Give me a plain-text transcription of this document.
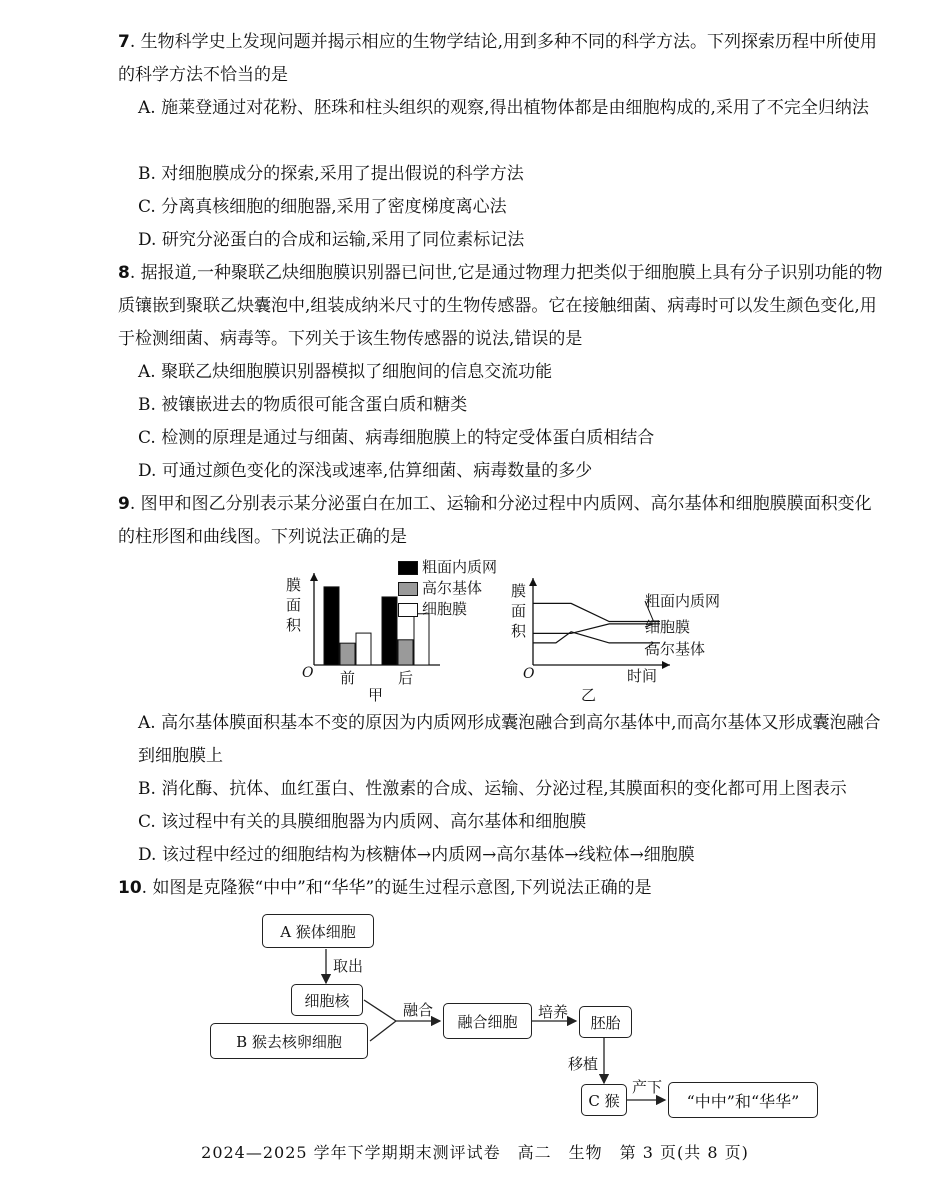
7. 生物科学史上发现问题并揭示相应的生物学结论,用到多种不同的科学方法。下列探索历程中所使用的科学方法不恰当的是
A. 施莱登通过对花粉、胚珠和柱头组织的观察,得出植物体都是由细胞构成的,采用了不完全归纳法
B. 对细胞膜成分的探索,采用了提出假说的科学方法
C. 分离真核细胞的细胞器,采用了密度梯度离心法
D. 研究分泌蛋白的合成和运输,采用了同位素标记法
8. 据报道,一种聚联乙炔细胞膜识别器已问世,它是通过物理力把类似于细胞膜上具有分子识别功能的物质镶嵌到聚联乙炔囊泡中,组装成纳米尺寸的生物传感器。它在接触细菌、病毒时可以发生颜色变化,用于检测细菌、病毒等。下列关于该生物传感器的说法,错误的是
A. 聚联乙炔细胞膜识别器模拟了细胞间的信息交流功能
B. 被镶嵌进去的物质很可能含蛋白质和糖类
C. 检测的原理是通过与细菌、病毒细胞膜上的特定受体蛋白质相结合
D. 可通过颜色变化的深浅或速率,估算细菌、病毒数量的多少
9. 图甲和图乙分别表示某分泌蛋白在加工、运输和分泌过程中内质网、高尔基体和细胞膜膜面积变化的柱形图和曲线图。下列说法正确的是
膜
面
积
O 前	后
甲
粗面内质网
高尔基体
细胞膜
膜
面
积
O	时间
乙
粗面内质网
细胞膜
高尔基体
A. 高尔基体膜面积基本不变的原因为内质网形成囊泡融合到高尔基体中,而高尔基体又形成囊泡融合到细胞膜上
B. 消化酶、抗体、血红蛋白、性激素的合成、运输、分泌过程,其膜面积的变化都可用上图表示
C. 该过程中有关的具膜细胞器为内质网、高尔基体和细胞膜
D. 该过程中经过的细胞结构为核糖体→内质网→高尔基体→线粒体→细胞膜
10. 如图是克隆猴“中中”和“华华”的诞生过程示意图,下列说法正确的是
A 猴体细胞
取出
细胞核
B 猴去核卵细胞
融合
融合细胞
培养
胚胎
移植
C 猴
产下
“中中”和“华华”
2024—2025 学年下学期期末测评试卷　高二　生物　第 3 页(共 8 页)
